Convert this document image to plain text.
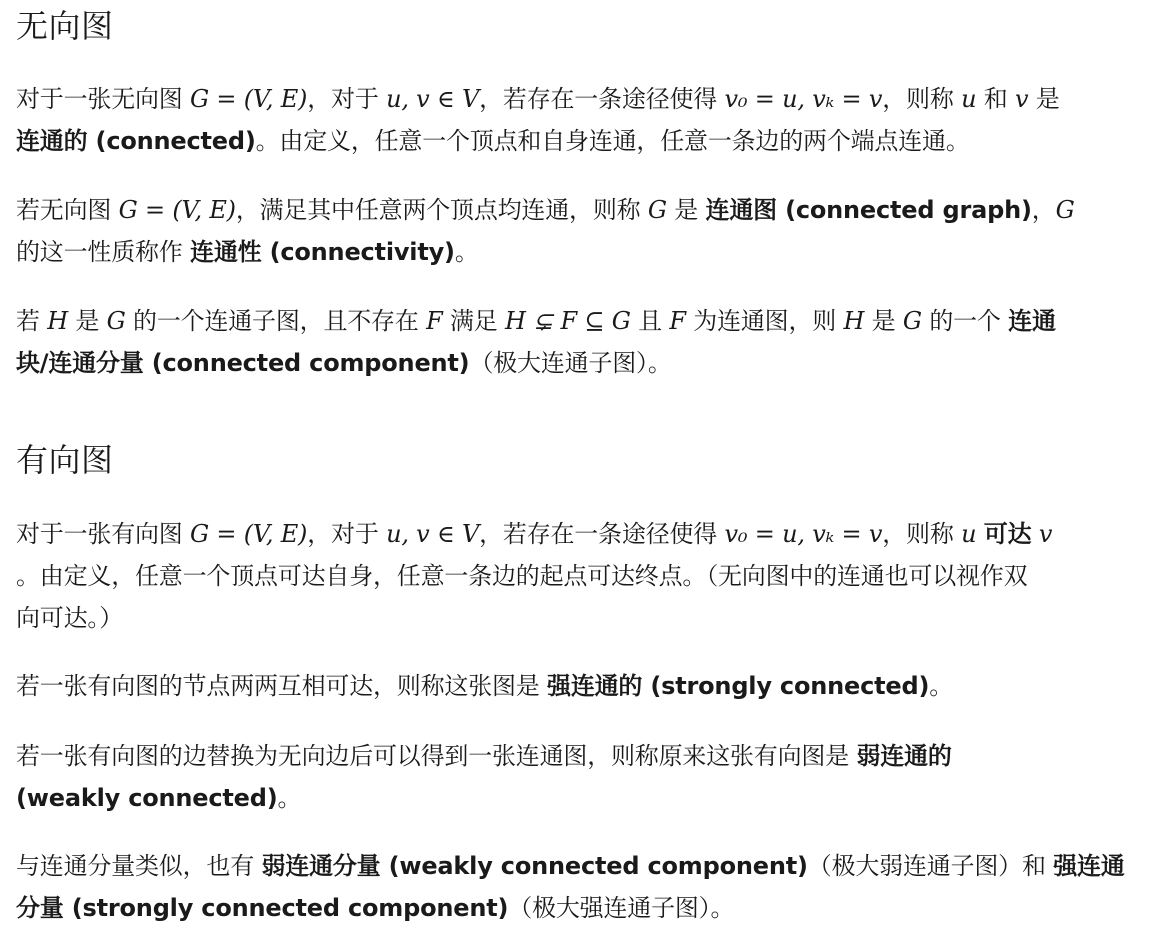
无向图

对于一张无向图 G = (V, E)，对于 u, v ∈ V，若存在一条途径使得 v₀ = u, vₖ = v，则称 u 和 v 是
连通的 (connected)。由定义，任意一个顶点和自身连通，任意一条边的两个端点连通。

若无向图 G = (V, E)，满足其中任意两个顶点均连通，则称 G 是 连通图 (connected graph)，G
的这一性质称作 连通性 (connectivity)。

若 H 是 G 的一个连通子图，且不存在 F 满足 H ⊊ F ⊆ G 且 F 为连通图，则 H 是 G 的一个 连通
块/连通分量 (connected component)（极大连通子图）。

有向图

对于一张有向图 G = (V, E)，对于 u, v ∈ V，若存在一条途径使得 v₀ = u, vₖ = v，则称 u 可达 v
。由定义，任意一个顶点可达自身，任意一条边的起点可达终点。（无向图中的连通也可以视作双
向可达。）

若一张有向图的节点两两互相可达，则称这张图是 强连通的 (strongly connected)。

若一张有向图的边替换为无向边后可以得到一张连通图，则称原来这张有向图是 弱连通的
(weakly connected)。

与连通分量类似，也有 弱连通分量 (weakly connected component)（极大弱连通子图）和 强连通
分量 (strongly connected component)（极大强连通子图）。
